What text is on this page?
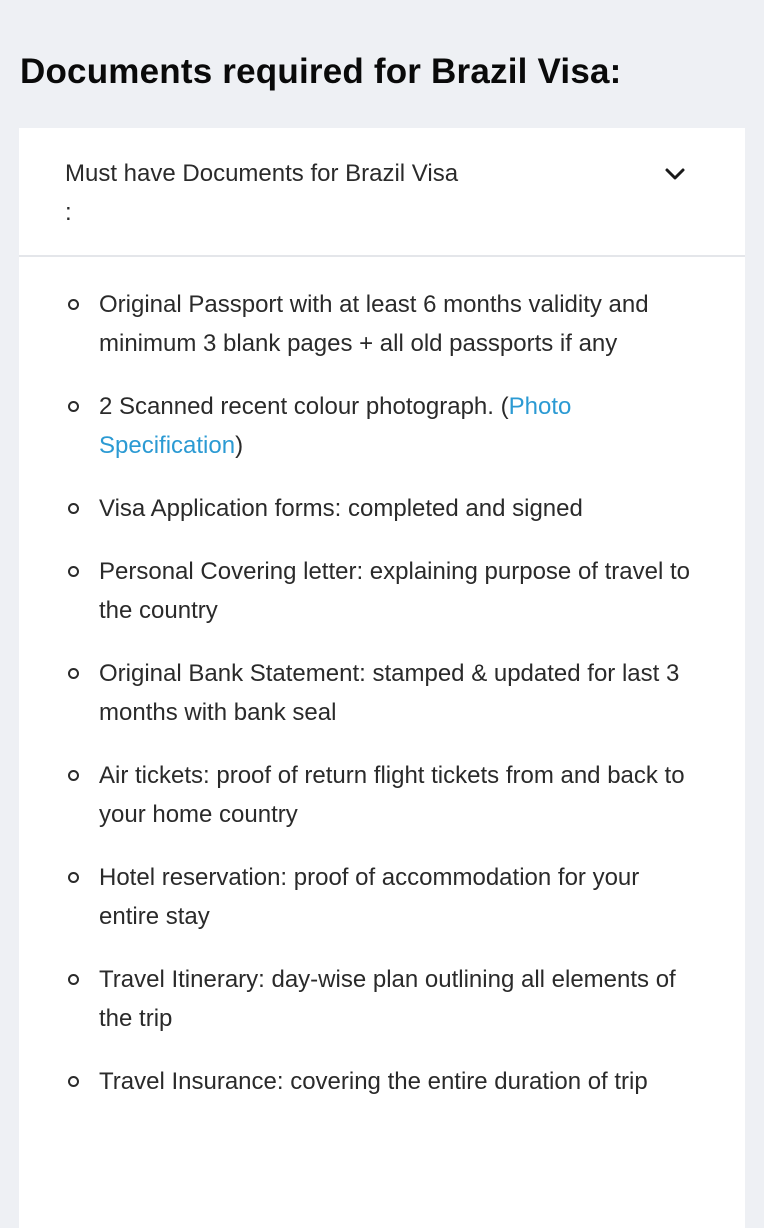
Documents required for Brazil Visa:
Must have Documents for Brazil Visa
:
Original Passport with at least 6 months validity and minimum 3 blank pages + all old passports if any
2 Scanned recent colour photograph. (Photo Specification)
Visa Application forms: completed and signed
Personal Covering letter: explaining purpose of travel to the country
Original Bank Statement: stamped & updated for last 3 months with bank seal
Air tickets: proof of return flight tickets from and back to your home country
Hotel reservation: proof of accommodation for your entire stay
Travel Itinerary: day-wise plan outlining all elements of the trip
Travel Insurance: covering the entire duration of trip
